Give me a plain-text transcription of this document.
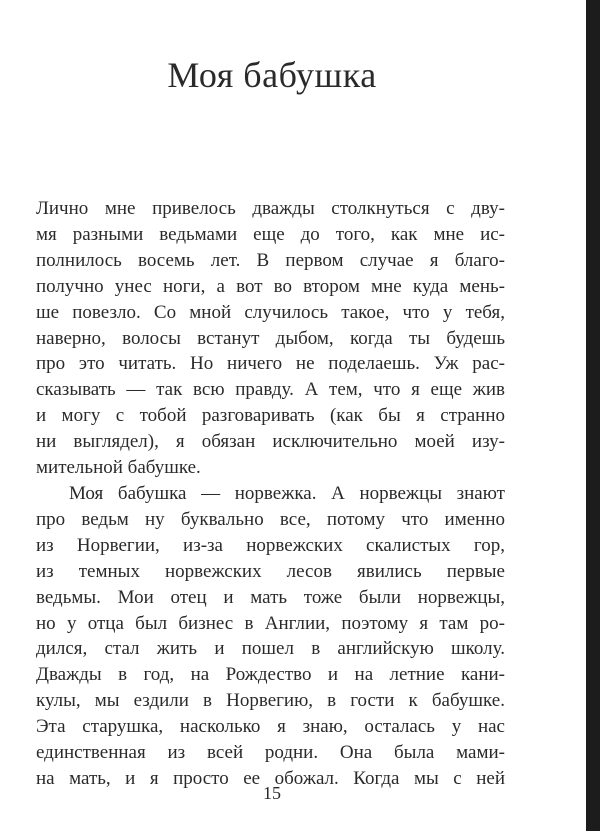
Моя бабушка

Лично мне привелось дважды столкнуться с дву-
мя разными ведьмами еще до того, как мне ис-
полнилось восемь лет. В первом случае я благо-
получно унес ноги, а вот во втором мне куда мень-
ше повезло. Со мной случилось такое, что у тебя,
наверно, волосы встанут дыбом, когда ты будешь
про это читать. Но ничего не поделаешь. Уж рас-
сказывать — так всю правду. А тем, что я еще жив
и могу с тобой разговаривать (как бы я странно
ни выглядел), я обязан исключительно моей изу-
мительной бабушке.

Моя бабушка — норвежка. А норвежцы знают
про ведьм ну буквально все, потому что именно
из Норвегии, из-за норвежских скалистых гор,
из темных норвежских лесов явились первые
ведьмы. Мои отец и мать тоже были норвежцы,
но у отца был бизнес в Англии, поэтому я там ро-
дился, стал жить и пошел в английскую школу.
Дважды в год, на Рождество и на летние кани-
кулы, мы ездили в Норвегию, в гости к бабушке.
Эта старушка, насколько я знаю, осталась у нас
единственная из всей родни. Она была мами-
на мать, и я просто ее обожал. Когда мы с ней

15
